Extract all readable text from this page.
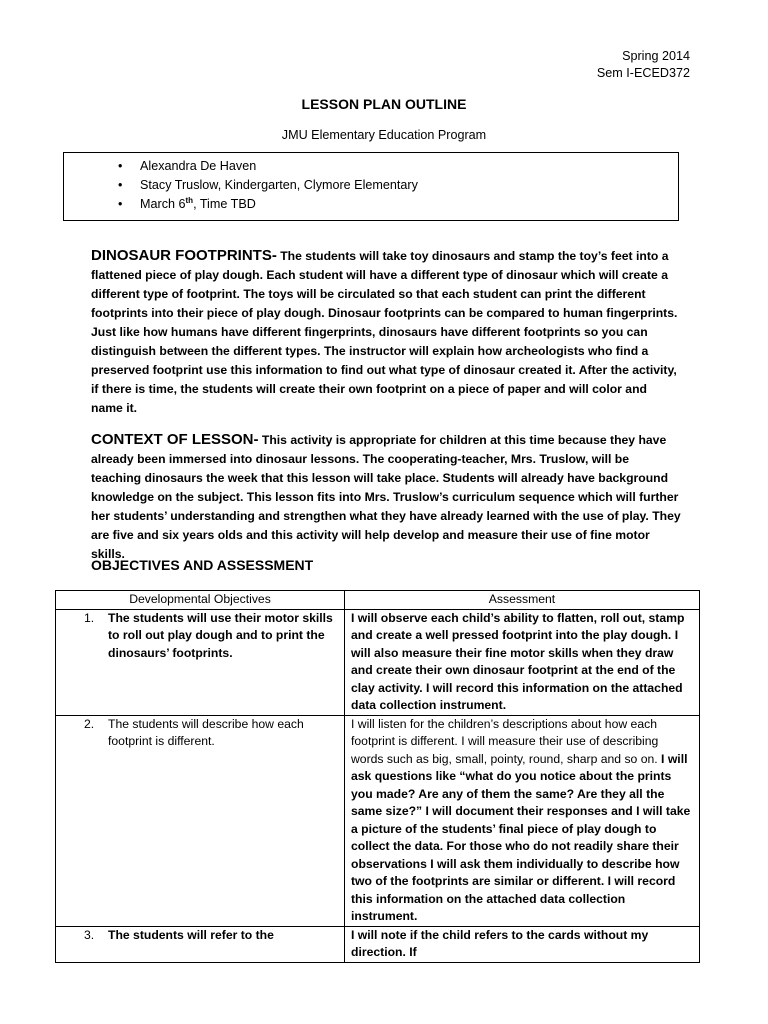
Spring 2014
Sem I-ECED372
LESSON PLAN OUTLINE
JMU Elementary Education Program
• Alexandra De Haven
• Stacy Truslow, Kindergarten, Clymore Elementary
• March 6th, Time TBD
DINOSAUR FOOTPRINTS- The students will take toy dinosaurs and stamp the toy’s feet into a flattened piece of play dough. Each student will have a different type of dinosaur which will create a different type of footprint. The toys will be circulated so that each student can print the different footprints into their piece of play dough. Dinosaur footprints can be compared to human fingerprints. Just like how humans have different fingerprints, dinosaurs have different footprints so you can distinguish between the different types. The instructor will explain how archeologists who find a preserved footprint use this information to find out what type of dinosaur created it. After the activity, if there is time, the students will create their own footprint on a piece of paper and will color and name it.
CONTEXT OF LESSON- This activity is appropriate for children at this time because they have already been immersed into dinosaur lessons. The cooperating-teacher, Mrs. Truslow, will be teaching dinosaurs the week that this lesson will take place. Students will already have background knowledge on the subject. This lesson fits into Mrs. Truslow’s curriculum sequence which will further her students’ understanding and strengthen what they have already learned with the use of play. They are five and six years olds and this activity will help develop and measure their use of fine motor skills.
OBJECTIVES AND ASSESSMENT
Developmental Objectives	Assessment

1. The students will use their motor skills to roll out play dough and to print the dinosaurs’ footprints.	I will observe each child’s ability to flatten, roll out, stamp and create a well pressed footprint into the play dough. I will also measure their fine motor skills when they draw and create their own dinosaur footprint at the end of the clay activity. I will record this information on the attached data collection instrument.

2. The students will describe how each footprint is different.	I will listen for the children’s descriptions about how each footprint is different. I will measure their use of describing words such as big, small, pointy, round, sharp and so on. I will ask questions like “what do you notice about the prints you made? Are any of them the same? Are they all the same size?” I will document their responses and I will take a picture of the students’ final piece of play dough to collect the data. For those who do not readily share their observations I will ask them individually to describe how two of the footprints are similar or different. I will record this information on the attached data collection instrument.

3. The students will refer to the	I will note if the child refers to the cards without my direction. If
